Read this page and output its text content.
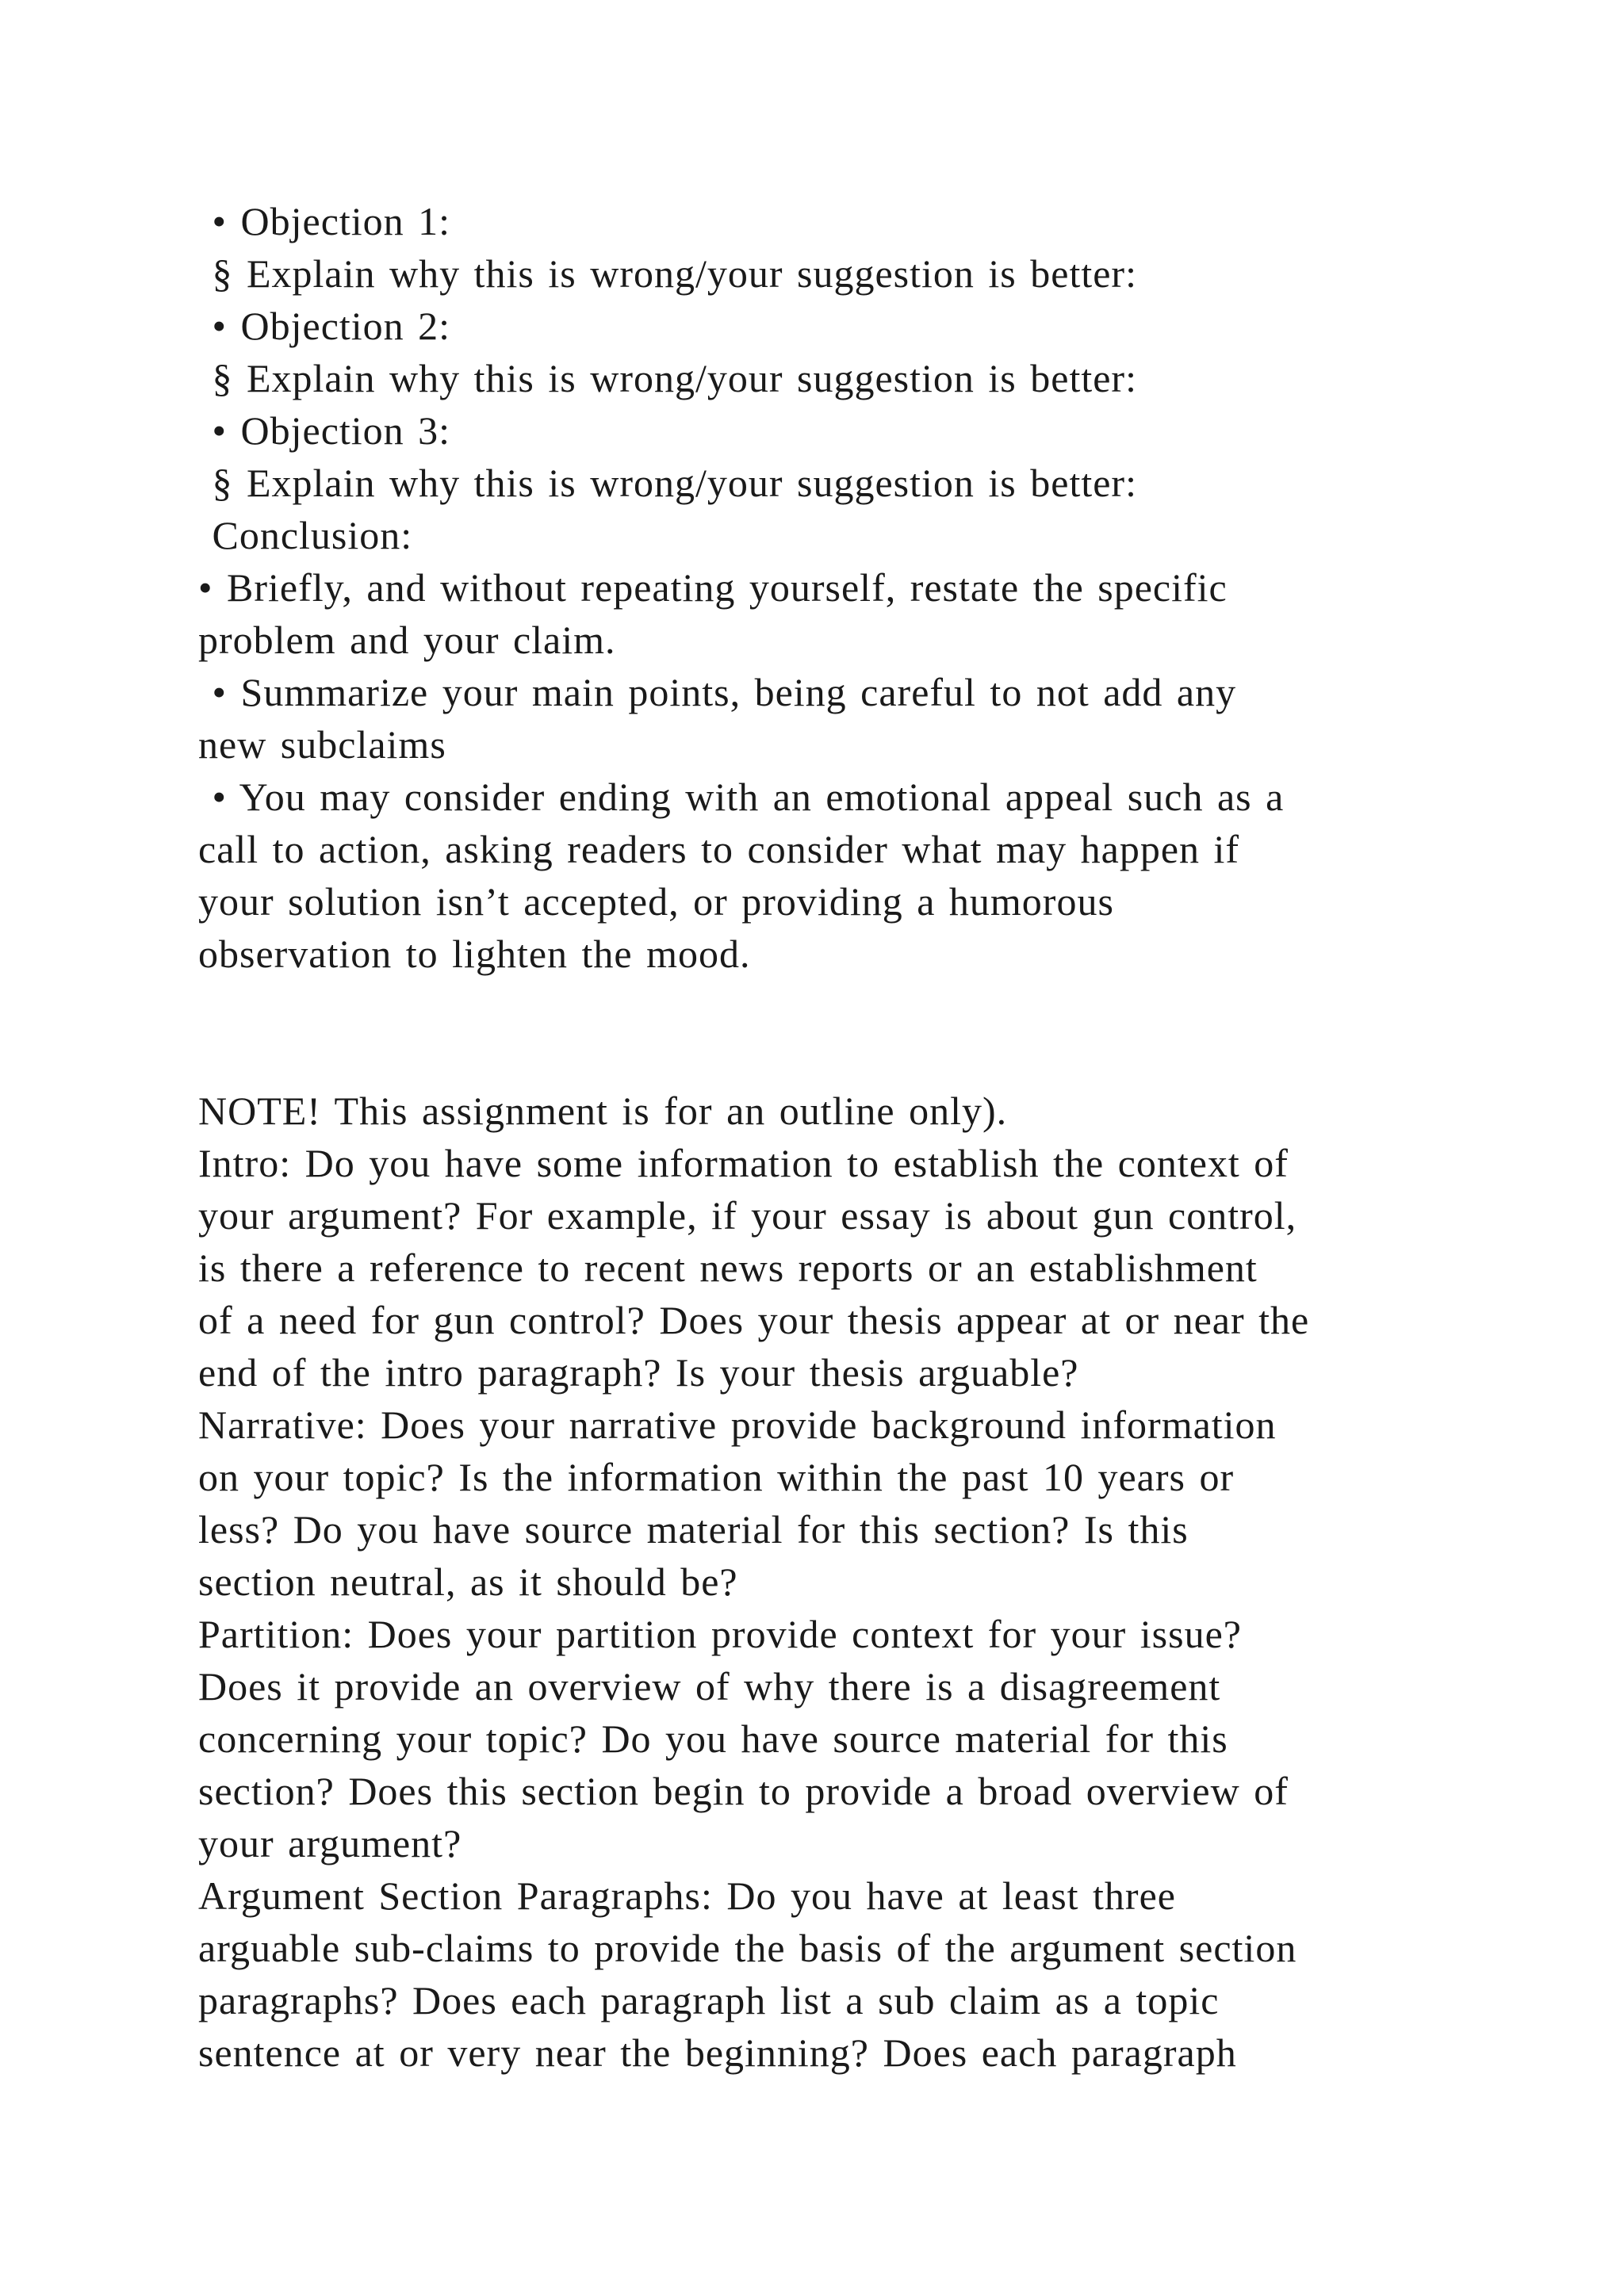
• Objection 1:
§ Explain why this is wrong/your suggestion is better:
• Objection 2:
§ Explain why this is wrong/your suggestion is better:
• Objection 3:
§ Explain why this is wrong/your suggestion is better:
Conclusion:
• Briefly, and without repeating yourself, restate the specific
problem and your claim.
• Summarize your main points, being careful to not add any
new subclaims
• You may consider ending with an emotional appeal such as a
call to action, asking readers to consider what may happen if
your solution isn’t accepted, or providing a humorous
observation to lighten the mood.
NOTE! This assignment is for an outline only).
Intro: Do you have some information to establish the context of
your argument? For example, if your essay is about gun control,
is there a reference to recent news reports or an establishment
of a need for gun control? Does your thesis appear at or near the
end of the intro paragraph? Is your thesis arguable?
Narrative: Does your narrative provide background information
on your topic? Is the information within the past 10 years or
less? Do you have source material for this section? Is this
section neutral, as it should be?
Partition: Does your partition provide context for your issue?
Does it provide an overview of why there is a disagreement
concerning your topic? Do you have source material for this
section? Does this section begin to provide a broad overview of
your argument?
Argument Section Paragraphs: Do you have at least three
arguable sub-claims to provide the basis of the argument section
paragraphs? Does each paragraph list a sub claim as a topic
sentence at or very near the beginning? Does each paragraph
